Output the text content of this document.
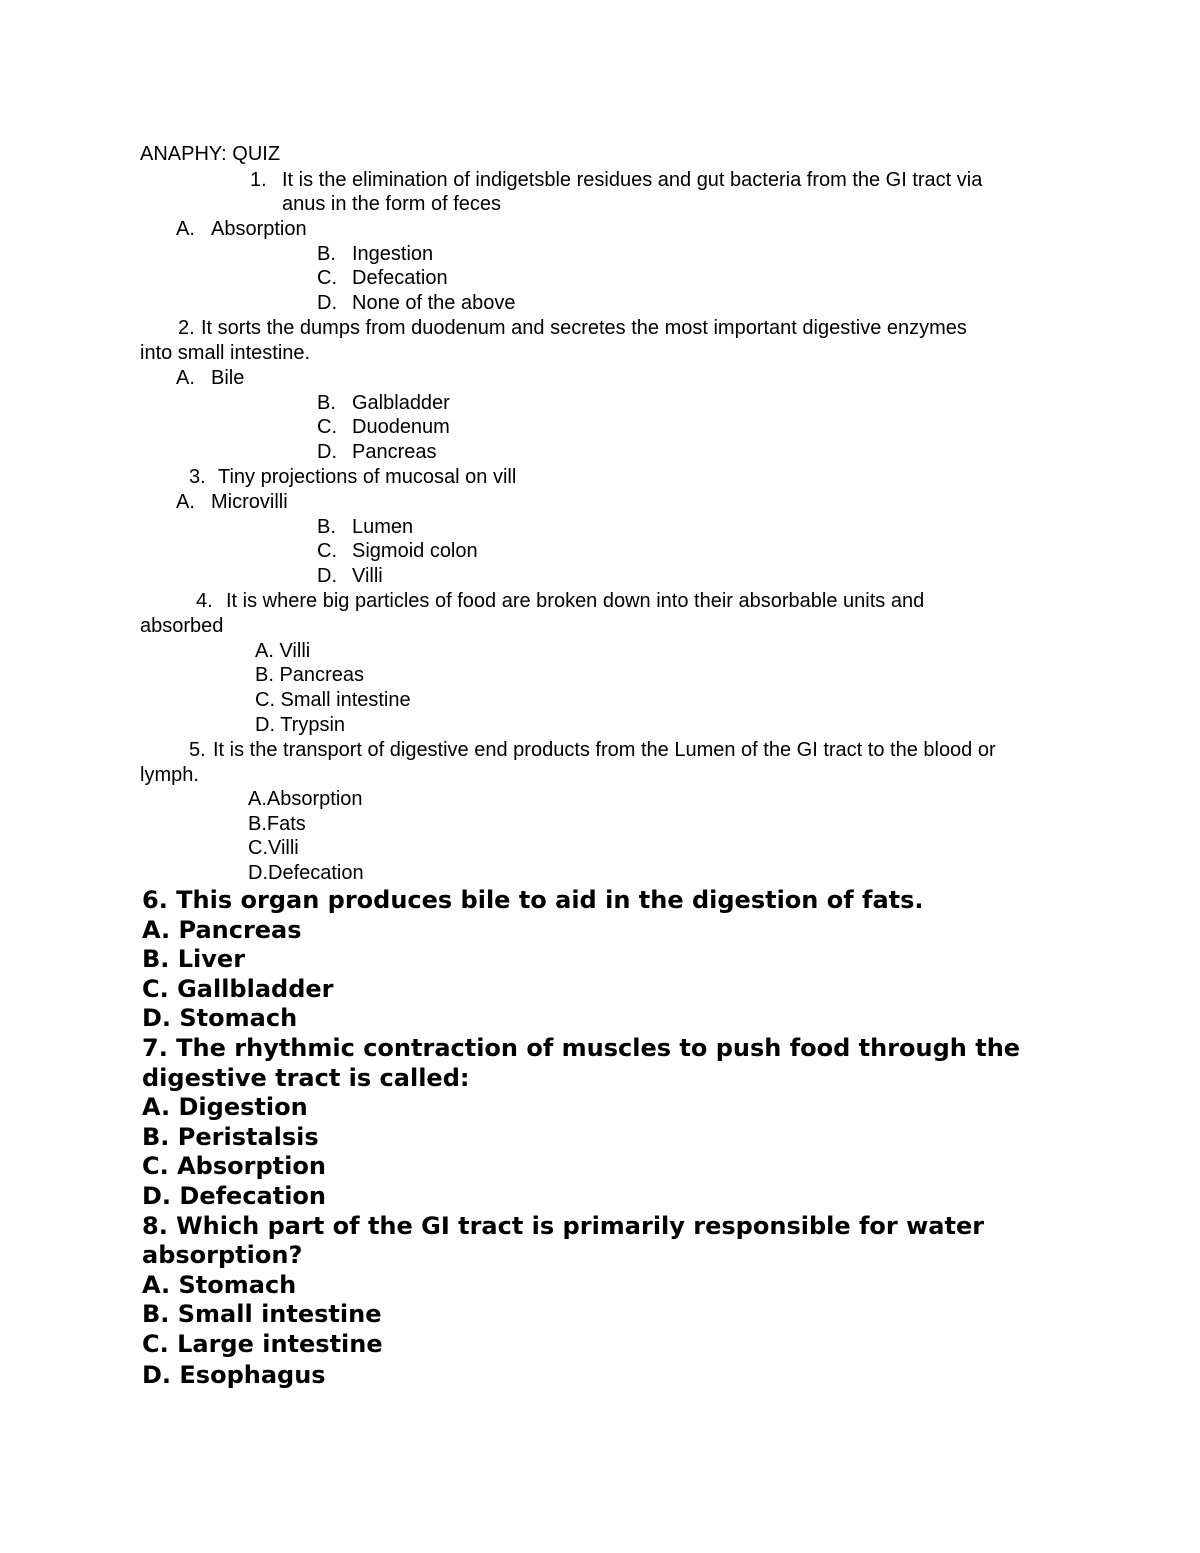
ANAPHY: QUIZ
1. It is the elimination of indigetsble residues and gut bacteria from the GI tract via
anus in the form of feces
A. Absorption
B. Ingestion
C. Defecation
D. None of the above
2. It sorts the dumps from duodenum and secretes the most important digestive enzymes
into small intestine.
A. Bile
B. Galbladder
C. Duodenum
D. Pancreas
3. Tiny projections of mucosal on vill
A. Microvilli
B. Lumen
C. Sigmoid colon
D. Villi
4. It is where big particles of food are broken down into their absorbable units and
absorbed
A. Villi
B. Pancreas
C. Small intestine
D. Trypsin
5. It is the transport of digestive end products from the Lumen of the GI tract to the blood or
lymph.
A.Absorption
B.Fats
C.Villi
D.Defecation
6. This organ produces bile to aid in the digestion of fats.
A. Pancreas
B. Liver
C. Gallbladder
D. Stomach
7. The rhythmic contraction of muscles to push food through the
digestive tract is called:
A. Digestion
B. Peristalsis
C. Absorption
D. Defecation
8. Which part of the GI tract is primarily responsible for water
absorption?
A. Stomach
B. Small intestine
C. Large intestine
D. Esophagus
